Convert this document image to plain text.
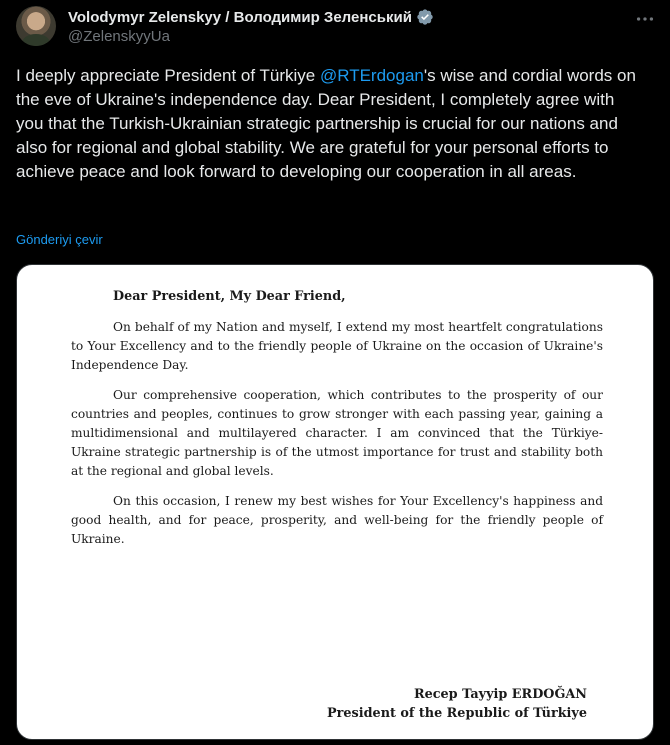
Volodymyr Zelenskyy / Володимир Зеленський
@ZelenskyyUa

I deeply appreciate President of Türkiye @RTErdogan's wise and cordial words on the eve of Ukraine's independence day. Dear President, I completely agree with you that the Turkish-Ukrainian strategic partnership is crucial for our nations and also for regional and global stability. We are grateful for your personal efforts to achieve peace and look forward to developing our cooperation in all areas.

Gönderiyi çevir

Dear President, My Dear Friend,

On behalf of my Nation and myself, I extend my most heartfelt congratulations to Your Excellency and to the friendly people of Ukraine on the occasion of Ukraine's Independence Day.

Our comprehensive cooperation, which contributes to the prosperity of our countries and peoples, continues to grow stronger with each passing year, gaining a multidimensional and multilayered character. I am convinced that the Türkiye-Ukraine strategic partnership is of the utmost importance for trust and stability both at the regional and global levels.

On this occasion, I renew my best wishes for Your Excellency's happiness and good health, and for peace, prosperity, and well-being for the friendly people of Ukraine.

Recep Tayyip ERDOĞAN
President of the Republic of Türkiye
